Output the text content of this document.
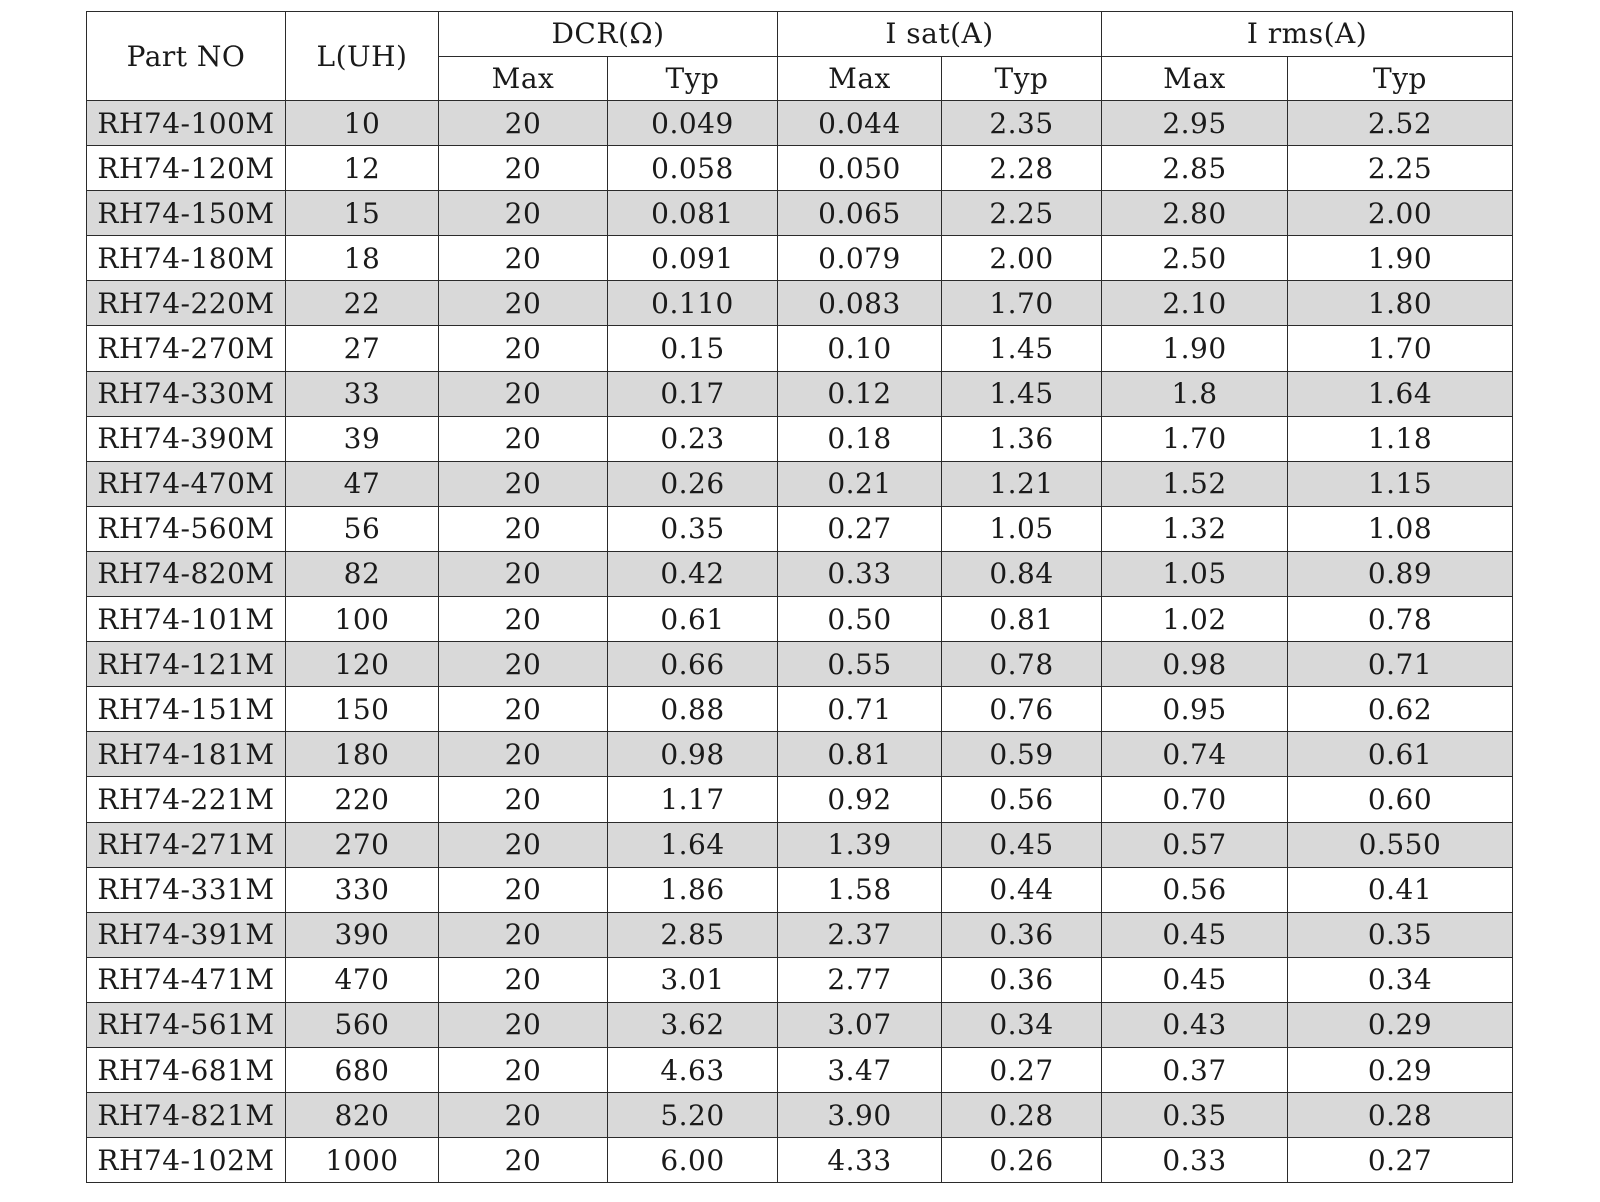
Part NO	L(UH)	DCR(Ω)		I sat(A)		I rms(A)	
		Max	Typ	Max	Typ	Max	Typ
RH74-100M	10	20	0.049	0.044	2.35	2.95	2.52
RH74-120M	12	20	0.058	0.050	2.28	2.85	2.25
RH74-150M	15	20	0.081	0.065	2.25	2.80	2.00
RH74-180M	18	20	0.091	0.079	2.00	2.50	1.90
RH74-220M	22	20	0.110	0.083	1.70	2.10	1.80
RH74-270M	27	20	0.15	0.10	1.45	1.90	1.70
RH74-330M	33	20	0.17	0.12	1.45	1.8	1.64
RH74-390M	39	20	0.23	0.18	1.36	1.70	1.18
RH74-470M	47	20	0.26	0.21	1.21	1.52	1.15
RH74-560M	56	20	0.35	0.27	1.05	1.32	1.08
RH74-820M	82	20	0.42	0.33	0.84	1.05	0.89
RH74-101M	100	20	0.61	0.50	0.81	1.02	0.78
RH74-121M	120	20	0.66	0.55	0.78	0.98	0.71
RH74-151M	150	20	0.88	0.71	0.76	0.95	0.62
RH74-181M	180	20	0.98	0.81	0.59	0.74	0.61
RH74-221M	220	20	1.17	0.92	0.56	0.70	0.60
RH74-271M	270	20	1.64	1.39	0.45	0.57	0.550
RH74-331M	330	20	1.86	1.58	0.44	0.56	0.41
RH74-391M	390	20	2.85	2.37	0.36	0.45	0.35
RH74-471M	470	20	3.01	2.77	0.36	0.45	0.34
RH74-561M	560	20	3.62	3.07	0.34	0.43	0.29
RH74-681M	680	20	4.63	3.47	0.27	0.37	0.29
RH74-821M	820	20	5.20	3.90	0.28	0.35	0.28
RH74-102M	1000	20	6.00	4.33	0.26	0.33	0.27
